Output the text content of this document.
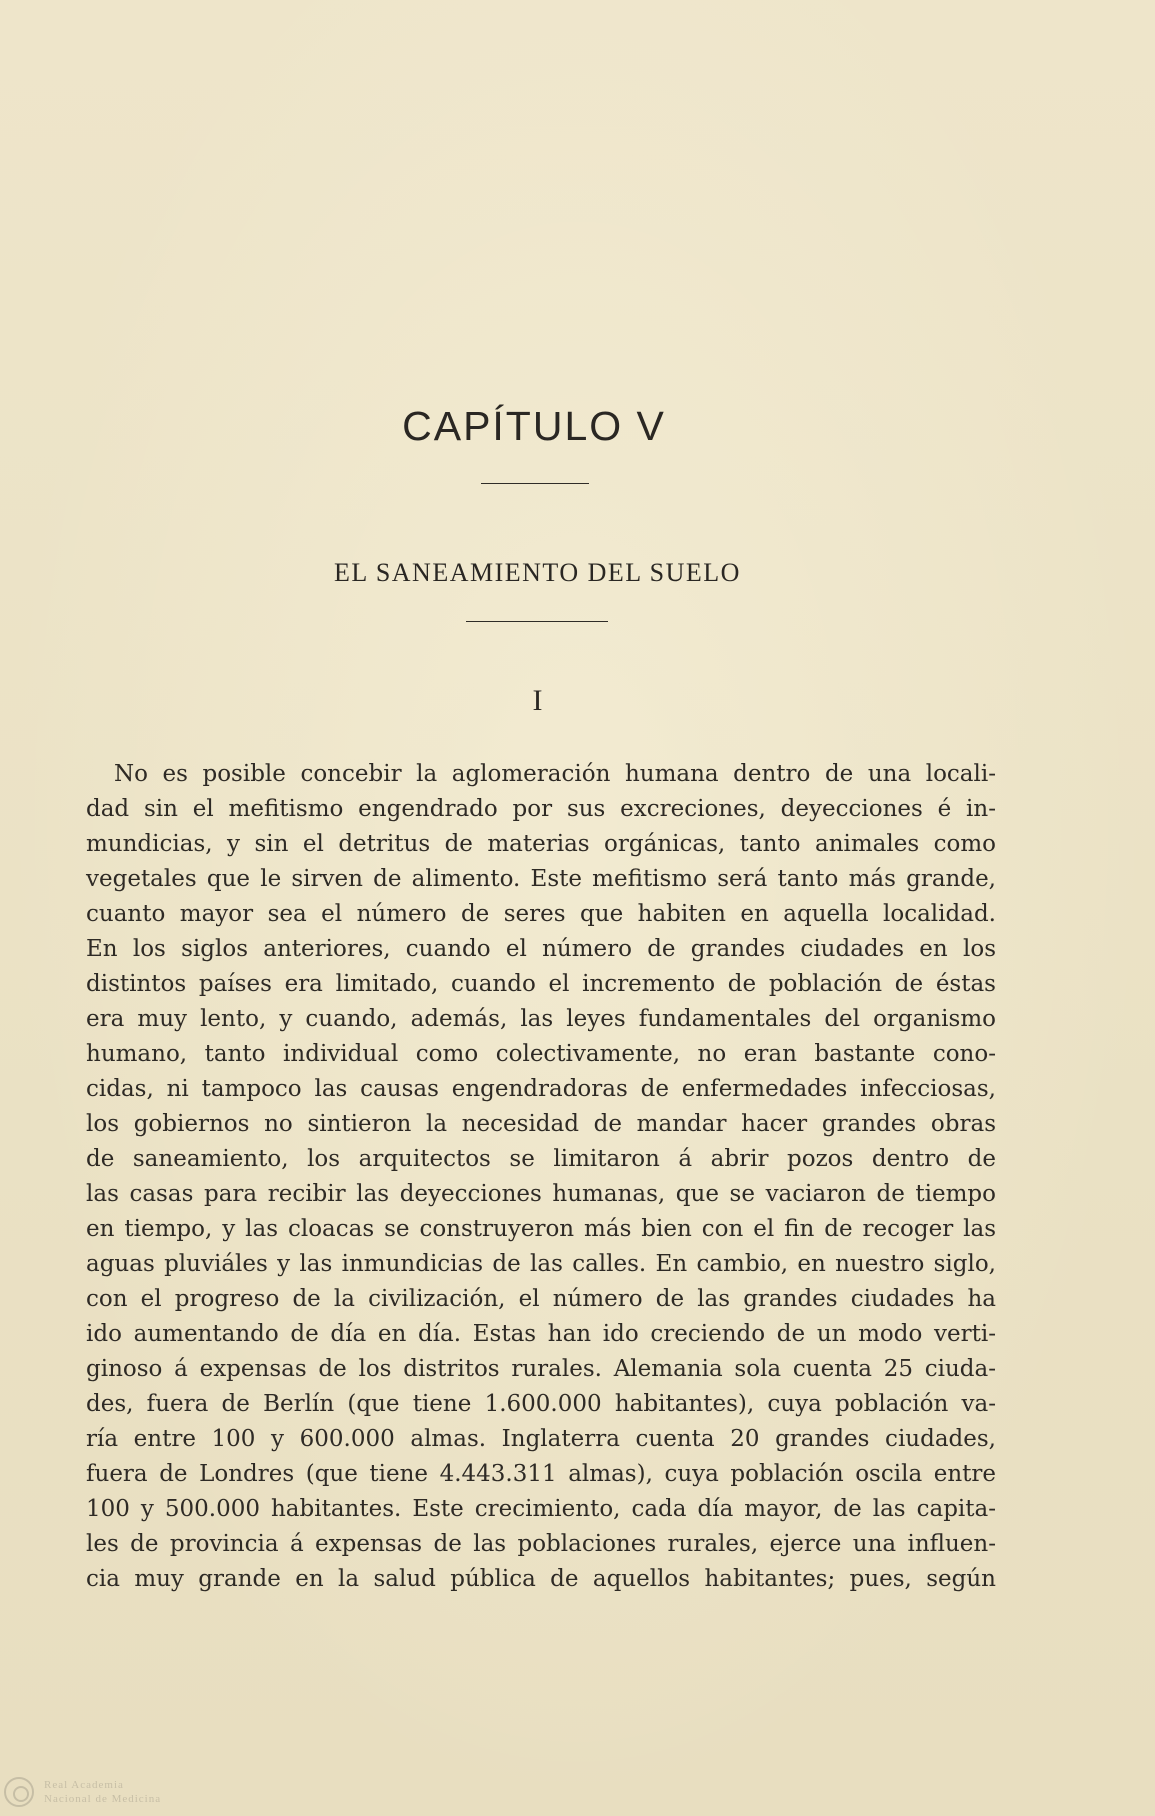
CAPÍTULO V
EL SANEAMIENTO DEL SUELO
I
No es posible concebir la aglomeración humana dentro de una locali-
dad sin el mefitismo engendrado por sus excreciones, deyecciones é in-
mundicias, y sin el detritus de materias orgánicas, tanto animales como
vegetales que le sirven de alimento. Este mefitismo será tanto más grande,
cuanto mayor sea el número de seres que habiten en aquella localidad.
En los siglos anteriores, cuando el número de grandes ciudades en los
distintos países era limitado, cuando el incremento de población de éstas
era muy lento, y cuando, además, las leyes fundamentales del organismo
humano, tanto individual como colectivamente, no eran bastante cono-
cidas, ni tampoco las causas engendradoras de enfermedades infecciosas,
los gobiernos no sintieron la necesidad de mandar hacer grandes obras
de saneamiento, los arquitectos se limitaron á abrir pozos dentro de
las casas para recibir las deyecciones humanas, que se vaciaron de tiempo
en tiempo, y las cloacas se construyeron más bien con el fin de recoger las
aguas pluviáles y las inmundicias de las calles. En cambio, en nuestro siglo,
con el progreso de la civilización, el número de las grandes ciudades ha
ido aumentando de día en día. Estas han ido creciendo de un modo verti-
ginoso á expensas de los distritos rurales. Alemania sola cuenta 25 ciuda-
des, fuera de Berlín (que tiene 1.600.000 habitantes), cuya población va-
ría entre 100 y 600.000 almas. Inglaterra cuenta 20 grandes ciudades,
fuera de Londres (que tiene 4.443.311 almas), cuya población oscila entre
100 y 500.000 habitantes. Este crecimiento, cada día mayor, de las capita-
les de provincia á expensas de las poblaciones rurales, ejerce una influen-
cia muy grande en la salud pública de aquellos habitantes; pues, según
Real Academia
Nacional de Medicina
